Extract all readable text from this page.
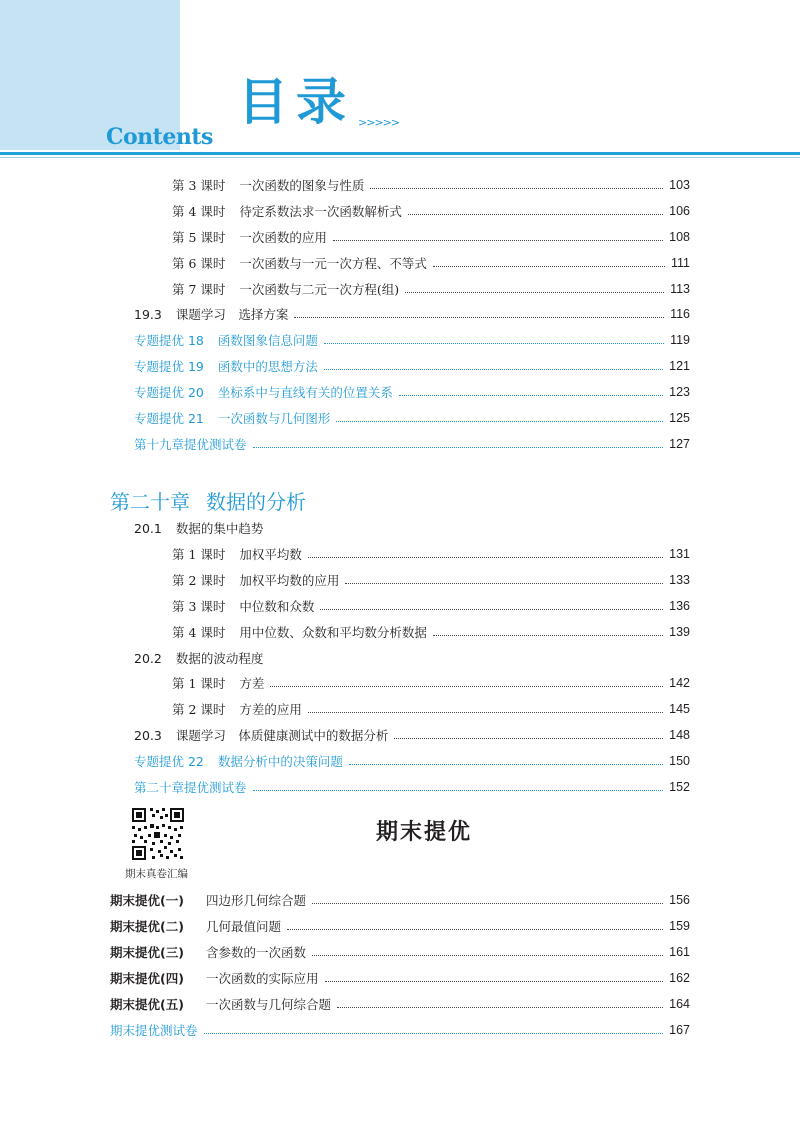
目录 >>>>>
Contents
第 3 课时 一次函数的图象与性质	103
第 4 课时 待定系数法求一次函数解析式	106
第 5 课时 一次函数的应用	108
第 6 课时 一次函数与一元一次方程、不等式	111
第 7 课时 一次函数与二元一次方程(组)	113
19.3 课题学习　选择方案	116
专题提优 18 函数图象信息问题	119
专题提优 19 函数中的思想方法	121
专题提优 20 坐标系中与直线有关的位置关系	123
专题提优 21 一次函数与几何图形	125
第十九章提优测试卷	127
第二十章 数据的分析
20.1 数据的集中趋势
第 1 课时 加权平均数	131
第 2 课时 加权平均数的应用	133
第 3 课时 中位数和众数	136
第 4 课时 用中位数、众数和平均数分析数据	139
20.2 数据的波动程度
第 1 课时 方差	142
第 2 课时 方差的应用	145
20.3 课题学习　体质健康测试中的数据分析	148
专题提优 22 数据分析中的决策问题	150
第二十章提优测试卷	152
期末真卷汇编
期末提优
期末提优(一)	四边形几何综合题	156
期末提优(二)	几何最值问题	159
期末提优(三)	含参数的一次函数	161
期末提优(四)	一次函数的实际应用	162
期末提优(五)	一次函数与几何综合题	164
期末提优测试卷	167
